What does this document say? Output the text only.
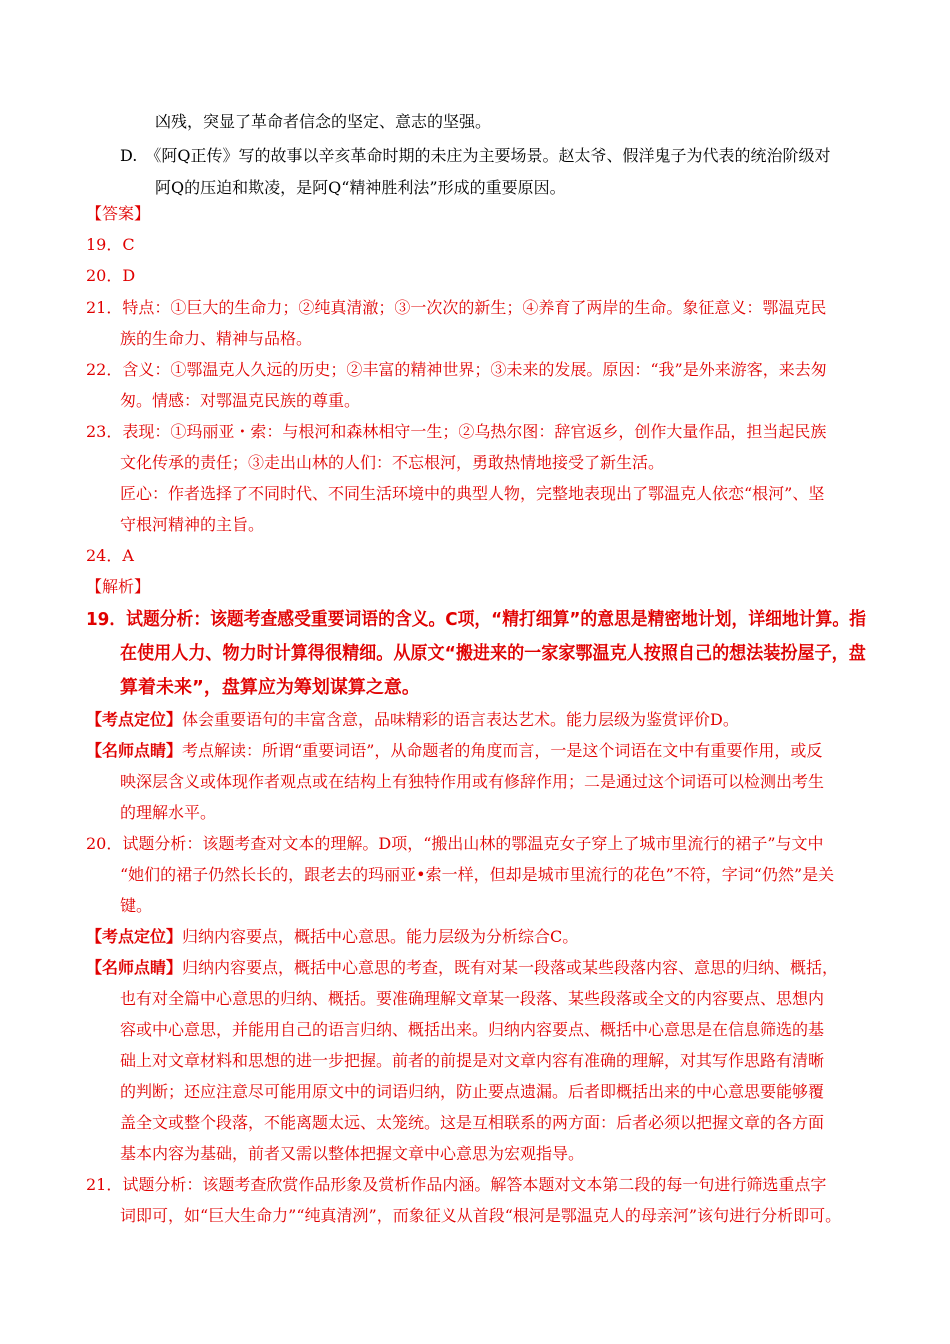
凶残，突显了革命者信念的坚定、意志的坚强。
D.　《阿Q正传》写的故事以辛亥革命时期的未庄为主要场景。赵太爷、假洋鬼子为代表的统治阶级对
阿Q的压迫和欺凌，是阿Q“精神胜利法”形成的重要原因。
【答案】
19．C
20．D
21．特点：①巨大的生命力；②纯真清澈；③一次次的新生；④养育了两岸的生命。象征意义：鄂温克民
族的生命力、精神与品格。
22．含义：①鄂温克人久远的历史；②丰富的精神世界；③未来的发展。原因：“我”是外来游客，来去匆
匆。情感：对鄂温克民族的尊重。
23．表现：①玛丽亚・索：与根河和森林相守一生；②乌热尔图：辞官返乡，创作大量作品，担当起民族
文化传承的责任；③走出山林的人们：不忘根河，勇敢热情地接受了新生活。
匠心：作者选择了不同时代、不同生活环境中的典型人物，完整地表现出了鄂温克人依恋“根河”、坚
守根河精神的主旨。
24．A
【解析】
19．试题分析：该题考查感受重要词语的含义。C项，“精打细算”的意思是精密地计划，详细地计算。指
在使用人力、物力时计算得很精细。从原文“搬进来的一家家鄂温克人按照自己的想法装扮屋子，盘
算着未来”，盘算应为筹划谋算之意。
【考点定位】体会重要语句的丰富含意，品味精彩的语言表达艺术。能力层级为鉴赏评价D。
【名师点睛】考点解读：所谓“重要词语”，从命题者的角度而言，一是这个词语在文中有重要作用，或反
映深层含义或体现作者观点或在结构上有独特作用或有修辞作用；二是通过这个词语可以检测出考生
的理解水平。
20．试题分析：该题考查对文本的理解。D项，“搬出山林的鄂温克女子穿上了城市里流行的裙子”与文中
“她们的裙子仍然长长的，跟老去的玛丽亚•索一样，但却是城市里流行的花色”不符，字词“仍然”是关
键。
【考点定位】归纳内容要点，概括中心意思。能力层级为分析综合C。
【名师点睛】归纳内容要点，概括中心意思的考查，既有对某一段落或某些段落内容、意思的归纳、概括，
也有对全篇中心意思的归纳、概括。要准确理解文章某一段落、某些段落或全文的内容要点、思想内
容或中心意思，并能用自己的语言归纳、概括出来。归纳内容要点、概括中心意思是在信息筛选的基
础上对文章材料和思想的进一步把握。前者的前提是对文章内容有准确的理解，对其写作思路有清晰
的判断；还应注意尽可能用原文中的词语归纳，防止要点遗漏。后者即概括出来的中心意思要能够覆
盖全文或整个段落，不能离题太远、太笼统。这是互相联系的两方面：后者必须以把握文章的各方面
基本内容为基础，前者又需以整体把握文章中心意思为宏观指导。
21．试题分析：该题考查欣赏作品形象及赏析作品内涵。解答本题对文本第二段的每一句进行筛选重点字
词即可，如“巨大生命力”“纯真清洌”，而象征义从首段“根河是鄂温克人的母亲河”该句进行分析即可。
